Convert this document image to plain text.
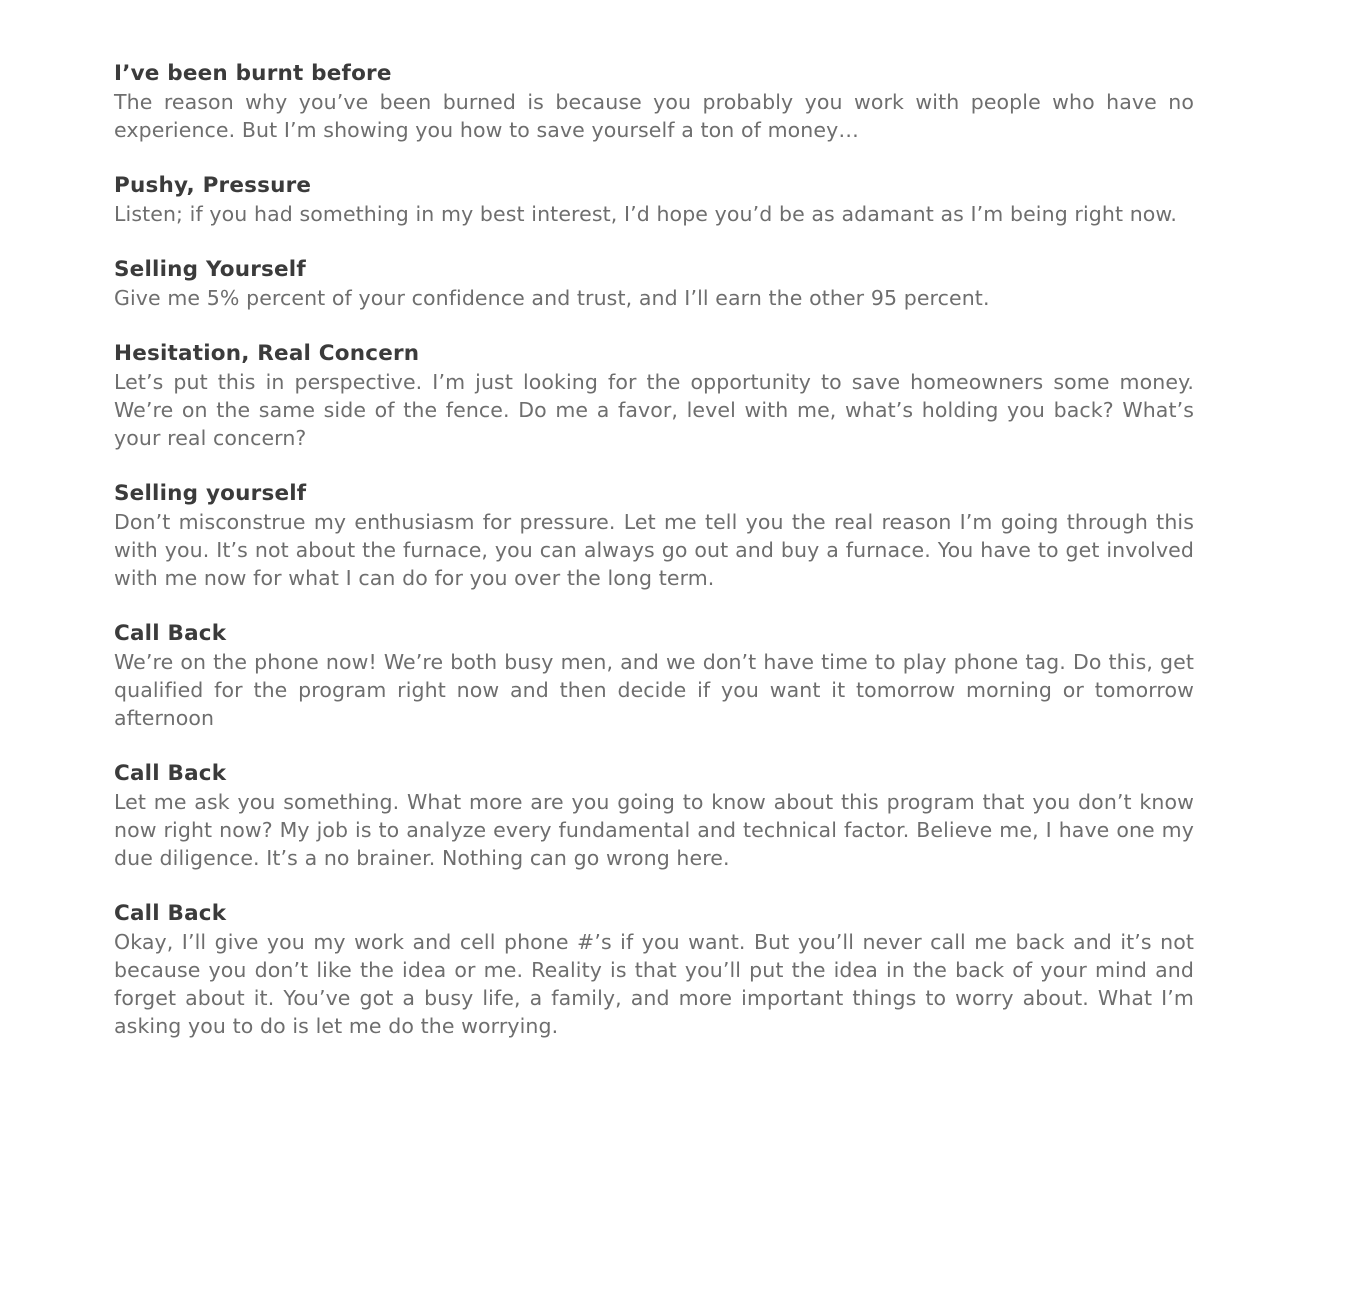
I’ve been burnt before

The reason why you’ve been burned is because you probably you work with people who have no experience. But I’m showing you how to save yourself a ton of money…

Pushy, Pressure

Listen; if you had something in my best interest, I’d hope you’d be as adamant as I’m being right now.

Selling Yourself

Give me 5% percent of your confidence and trust, and I’ll earn the other 95 percent.

Hesitation, Real Concern

Let’s put this in perspective. I’m just looking for the opportunity to save homeowners some money. We’re on the same side of the fence. Do me a favor, level with me, what’s holding you back? What’s your real concern?

Selling yourself

Don’t misconstrue my enthusiasm for pressure. Let me tell you the real reason I’m going through this with you. It’s not about the furnace, you can always go out and buy a furnace. You have to get involved with me now for what I can do for you over the long term.

Call Back

We’re on the phone now! We’re both busy men, and we don’t have time to play phone tag. Do this, get qualified for the program right now and then decide if you want it tomorrow morning or tomorrow afternoon

Call Back

Let me ask you something. What more are you going to know about this program that you don’t know now right now? My job is to analyze every fundamental and technical factor. Believe me, I have one my due diligence. It’s a no brainer. Nothing can go wrong here.

Call Back

Okay, I’ll give you my work and cell phone #’s if you want. But you’ll never call me back and it’s not because you don’t like the idea or me. Reality is that you’ll put the idea in the back of your mind and forget about it. You’ve got a busy life, a family, and more important things to worry about. What I’m asking you to do is let me do the worrying.
